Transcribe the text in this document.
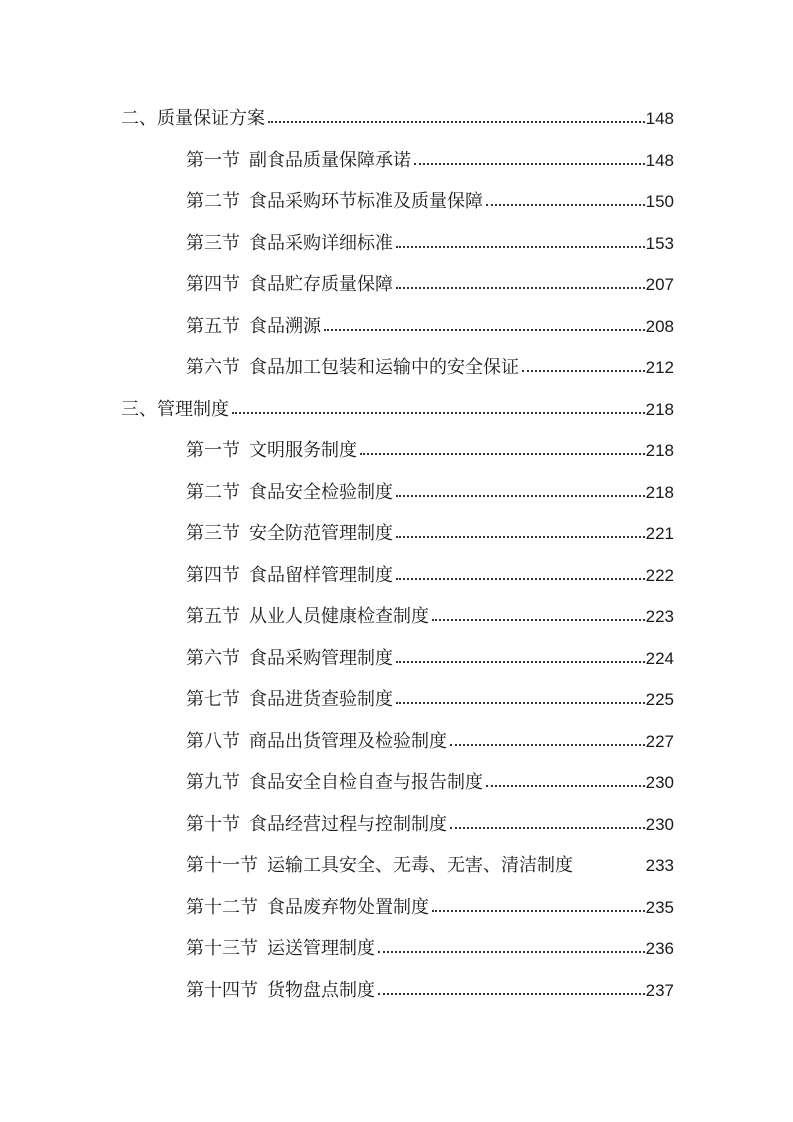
二、质量保证方案	148
第一节 副食品质量保障承诺	148
第二节 食品采购环节标准及质量保障	150
第三节 食品采购详细标准	153
第四节 食品贮存质量保障	207
第五节 食品溯源	208
第六节 食品加工包装和运输中的安全保证	212
三、管理制度	218
第一节 文明服务制度	218
第二节 食品安全检验制度	218
第三节 安全防范管理制度	221
第四节 食品留样管理制度	222
第五节 从业人员健康检查制度	223
第六节 食品采购管理制度	224
第七节 食品进货查验制度	225
第八节 商品出货管理及检验制度	227
第九节 食品安全自检自查与报告制度	230
第十节 食品经营过程与控制制度	230
第十一节 运输工具安全、无毒、无害、清洁制度	233
第十二节 食品废弃物处置制度	235
第十三节 运送管理制度	236
第十四节 货物盘点制度	237
